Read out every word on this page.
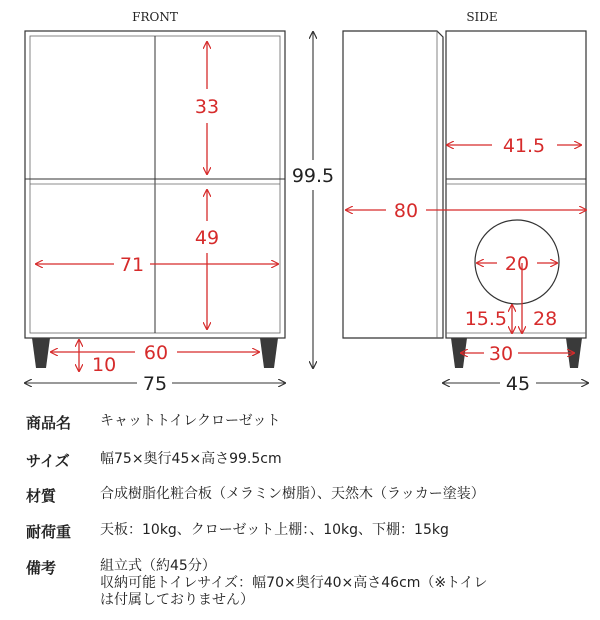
FRONT	SIDE
33
49
71
60
10
99.5
75
41.5
80
20
15.5 28
30
45
商品名 キャットトイレクローゼット
サイズ 幅75×奥行45×高さ99.5cm
材質	合成樹脂化粧合板（メラミン樹脂）、天然木（ラッカー塗装）
耐荷重 天板：10kg、クローゼット上棚：、10kg、下棚：15kg
備考	組立式（約45分）
収納可能トイレサイズ：幅70×奥行40×高さ46cm（※トイレ
は付属しておりません）
